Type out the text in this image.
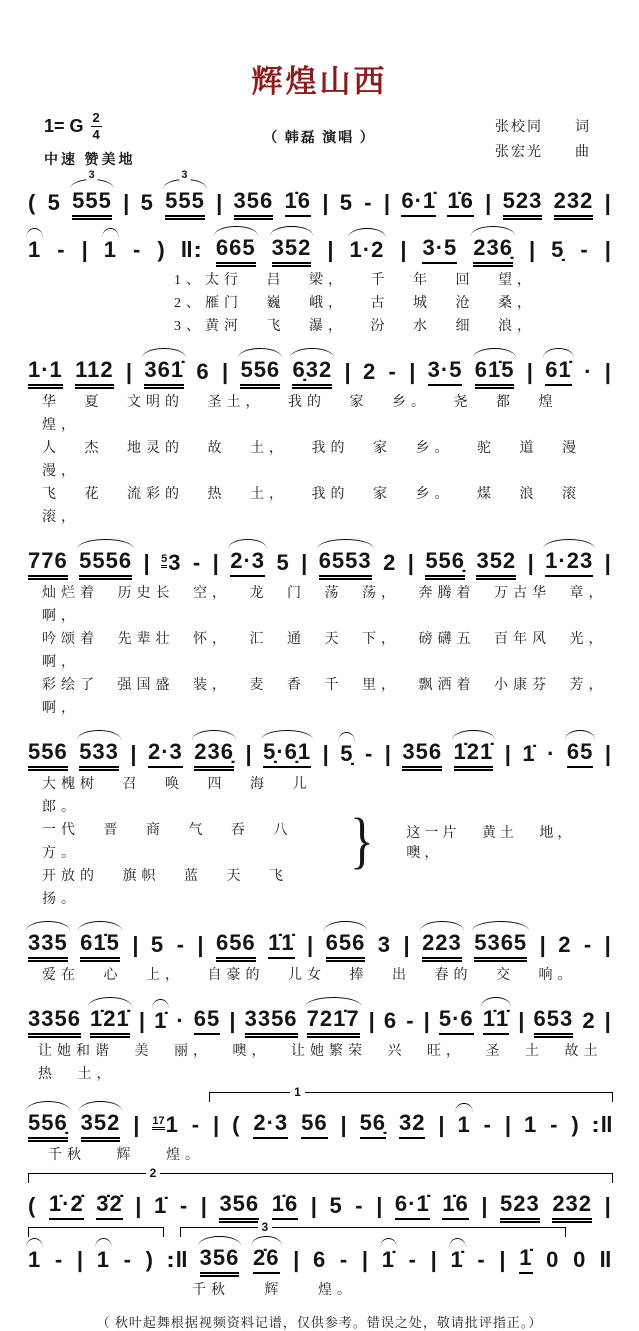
辉煌山西
1= G $\frac{2}{4}$
中速 赞美地
（ 韩磊 演唱 ）
张校同　　词
张宏光　　曲
( 5
3
555 | 5
3
555 | 356 1̇6 | 5 - | 6·1̇ 1̇6 | 523 232 |
1 - | 1 - ) ‖: 665 352 | 1·2 | 3·5 236̣ | 5̣ - |
1、太行 吕 梁， 千 年 回 望，
2、雁门 巍 峨， 古 城 沧 桑，
3、黄河 飞 瀑， 汾 水 细 浪，
1·1 112 | 361̇ 6 | 556 6̣32 | 2 - | 3·5 61̇5 | 61̇ · |
华 夏 文明的 圣土， 我的 家 乡。 尧 都 煌 煌，
人 杰 地灵的 故 土， 我的 家 乡。 驼 道 漫 漫，
飞 花 流彩的 热 土， 我的 家 乡。 煤 浪 滚 滚，
776 5556 | $^5$3 - | 2·3 5 | 6553 2 | 556̣ 352 | 1·23 |
灿烂着 历史长 空， 龙 门 荡 荡， 奔腾着 万古华 章， 啊，
吟颂着 先辈壮 怀， 汇 通 天 下， 磅礴五 百年风 光， 啊，
彩绘了 强国盛 装， 麦 香 千 里， 飘洒着 小康芬 芳， 啊，
556 533 | 2·3 236̣ | 5̣·6̣1 | 5̣ - | 356 1̇21̇ | 1̇ · 65 |
大槐树 召 唤 四 海 儿 郎。
一代 晋 商 气 吞 八 方。
开放的 旗帜 蓝 天 飞 扬。
} 这一片 黄土 地， 噢，
335 61̇5 | 5 - | 656 1̇1̇ | 656 3 | 223 5365 | 2 - |
爱在 心 上， 自豪的 儿女 捧 出 春的 交 响。
3356 1̇21̇ | 1̇ · 65 | 3356 721̇7 | 6 - | 5·6 1̇1̇ | 653 2 |
让她和谐 美 丽， 噢， 让她繁荣 兴 旺， 圣 土 故土 热 土，
1
556̣ 352 | $^{17}$1 - | ( 2·3 56 | 56̣ 32 | 1 - | 1 - ) :‖
千秋 辉 煌。
2
( 1̇·2̇ 3̇2̇ | 1̇ - | 356 1̇6 | 5 - | 6·1̇ 1̇6 | 523 232 |
3
1 - | 1 - ) :‖ 356 2̇6 | 6 - | 1̇ - | 1̇ - | 1̇ 0 0 ‖
千秋 辉 煌。
（ 秋叶起舞根据视频资料记谱，仅供参考。错误之处，敬请批评指正。）
